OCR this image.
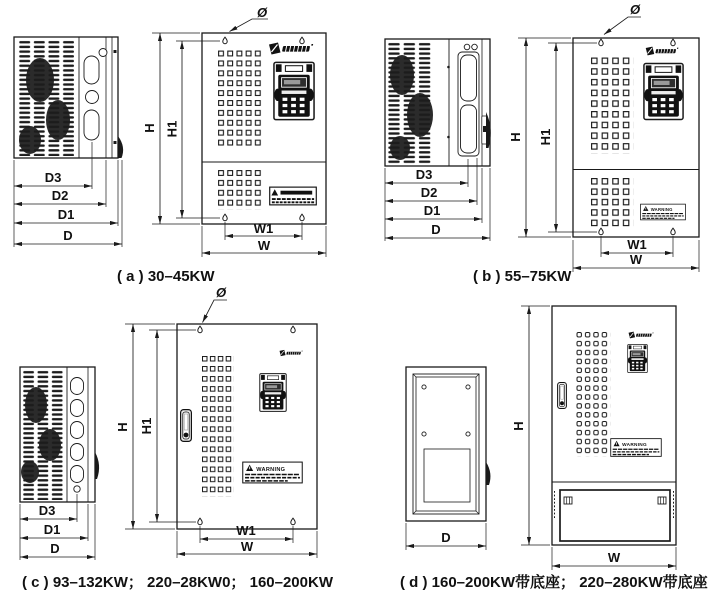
D3
D2
D1
D
Ø
H H1
W1
W
( a ) 30–45KW
D3
D2
D1
D
Ø
H H1
W1
W
( b ) 55–75KW
D3
D1
D
Ø
H H1
W1
W
( c ) 93–132KW； 220–28KW0； 160–200KW
D
H
W
( d ) 160–200KW带底座； 220–280KW带底座
